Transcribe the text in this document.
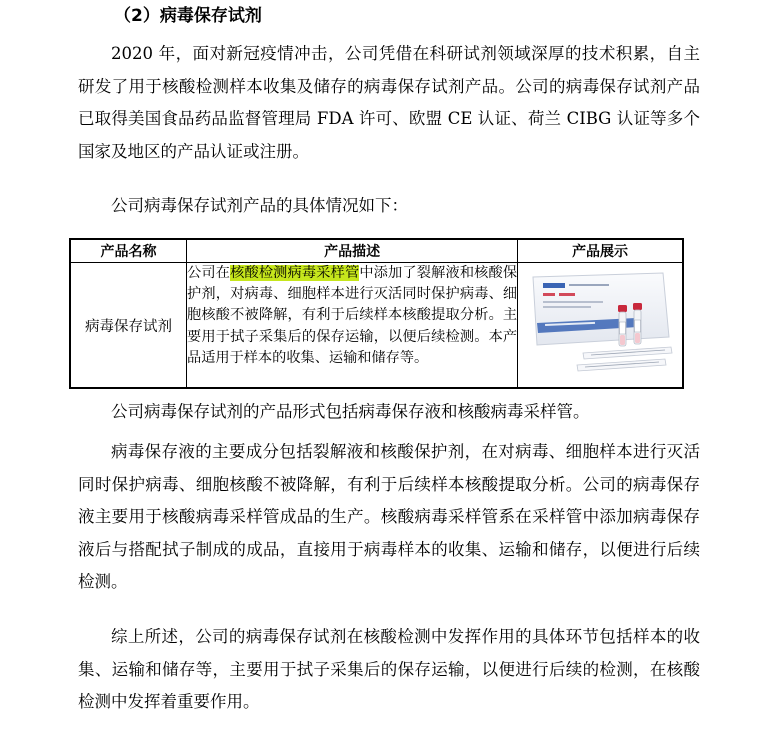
（2）病毒保存试剂

2020 年，面对新冠疫情冲击，公司凭借在科研试剂领域深厚的技术积累，自主研发了用于核酸检测样本收集及储存的病毒保存试剂产品。公司的病毒保存试剂产品已取得美国食品药品监督管理局 FDA 许可、欧盟 CE 认证、荷兰 CIBG 认证等多个国家及地区的产品认证或注册。

公司病毒保存试剂产品的具体情况如下：

产品名称	产品描述	产品展示
病毒保存试剂	公司在核酸检测病毒采样管中添加了裂解液和核酸保护剂，对病毒、细胞样本进行灭活同时保护病毒、细胞核酸不被降解，有利于后续样本核酸提取分析。主要用于拭子采集后的保存运输，以便后续检测。本产品适用于样本的收集、运输和储存等。	

公司病毒保存试剂的产品形式包括病毒保存液和核酸病毒采样管。

病毒保存液的主要成分包括裂解液和核酸保护剂，在对病毒、细胞样本进行灭活同时保护病毒、细胞核酸不被降解，有利于后续样本核酸提取分析。公司的病毒保存液主要用于核酸病毒采样管成品的生产。核酸病毒采样管系在采样管中添加病毒保存液后与搭配拭子制成的成品，直接用于病毒样本的收集、运输和储存，以便进行后续检测。

综上所述，公司的病毒保存试剂在核酸检测中发挥作用的具体环节包括样本的收集、运输和储存等，主要用于拭子采集后的保存运输，以便进行后续的检测，在核酸检测中发挥着重要作用。
